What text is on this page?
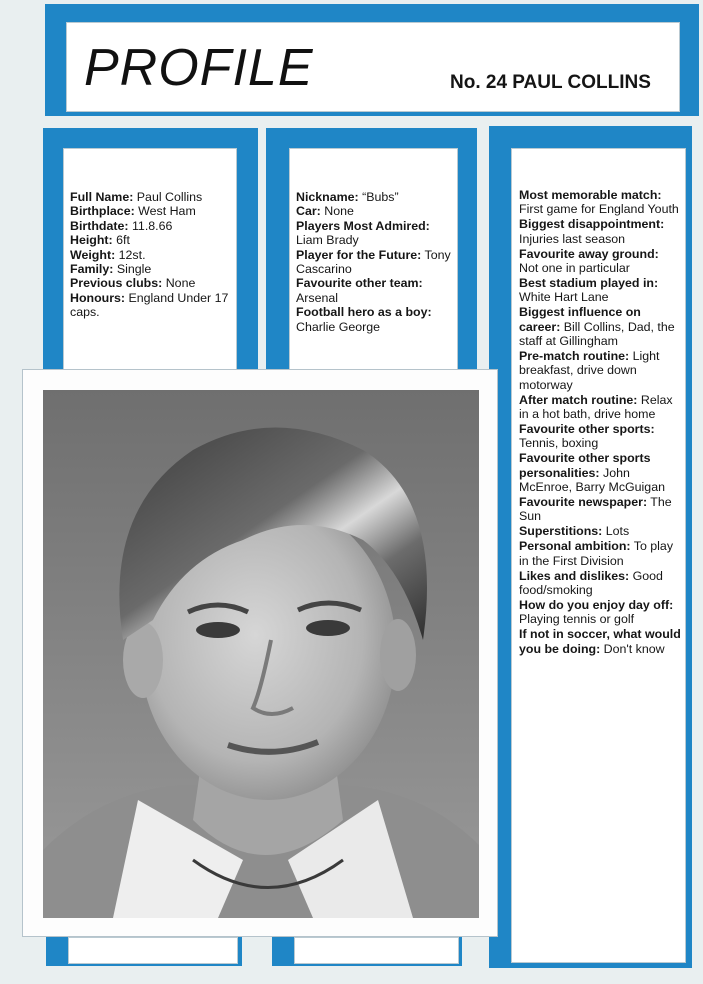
PROFILE	No. 24 PAUL COLLINS

Full Name: Paul Collins

Birthplace: West Ham

Birthdate: 11.8.66

Height: 6ft

Weight: 12st.

Family: Single

Previous clubs: None

Honours: England Under 17 caps.

Nickname: “Bubs”

Car: None

Players Most Admired: Liam Brady

Player for the Future: Tony Cascarino

Favourite other team: Arsenal

Football hero as a boy: Charlie George

Most memorable match: First game for England Youth

Biggest disappointment: Injuries last season

Favourite away ground: Not one in particular

Best stadium played in: White Hart Lane

Biggest influence on career: Bill Collins, Dad, the staff at Gillingham

Pre-match routine: Light breakfast, drive down motorway

After match routine: Relax in a hot bath, drive home

Favourite other sports: Tennis, boxing

Favourite other sports personalities: John McEnroe, Barry McGuigan

Favourite newspaper: The Sun

Superstitions: Lots

Personal ambition: To play in the First Division

Likes and dislikes: Good food/smoking

How do you enjoy day off: Playing tennis or golf

If not in soccer, what would you be doing: Don't know
